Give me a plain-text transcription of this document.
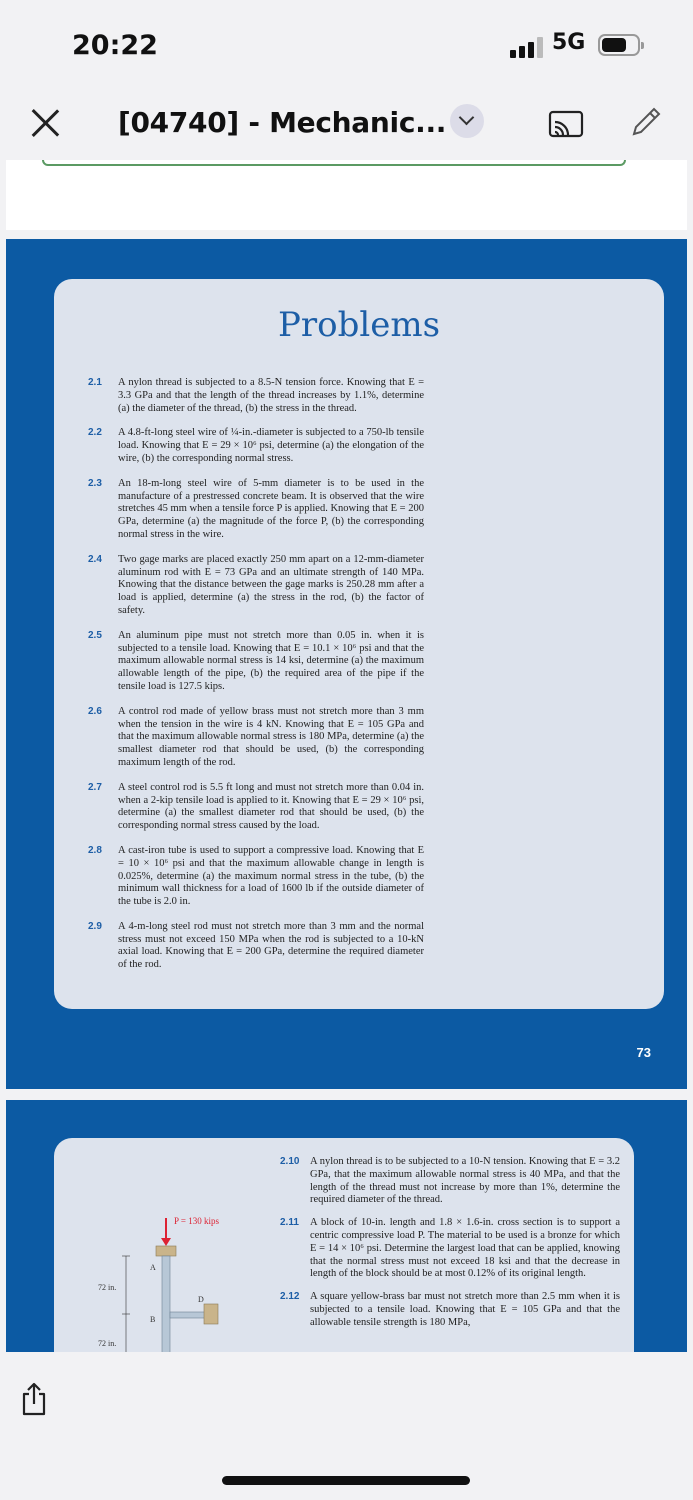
20:22	5G
[04740] - Mechanic...
Problems
2.1 A nylon thread is subjected to a 8.5-N tension force. Knowing that E = 3.3 GPa and that the length of the thread increases by 1.1%, determine (a) the diameter of the thread, (b) the stress in the thread.
2.2 A 4.8-ft-long steel wire of ¼-in.-diameter is subjected to a 750-lb tensile load. Knowing that E = 29 × 10⁶ psi, determine (a) the elongation of the wire, (b) the corresponding normal stress.
2.3 An 18-m-long steel wire of 5-mm diameter is to be used in the manufacture of a prestressed concrete beam. It is observed that the wire stretches 45 mm when a tensile force P is applied. Knowing that E = 200 GPa, determine (a) the magnitude of the force P, (b) the corresponding normal stress in the wire.
2.4 Two gage marks are placed exactly 250 mm apart on a 12-mm-diameter aluminum rod with E = 73 GPa and an ultimate strength of 140 MPa. Knowing that the distance between the gage marks is 250.28 mm after a load is applied, determine (a) the stress in the rod, (b) the factor of safety.
2.5 An aluminum pipe must not stretch more than 0.05 in. when it is subjected to a tensile load. Knowing that E = 10.1 × 10⁶ psi and that the maximum allowable normal stress is 14 ksi, determine (a) the maximum allowable length of the pipe, (b) the required area of the pipe if the tensile load is 127.5 kips.
2.6 A control rod made of yellow brass must not stretch more than 3 mm when the tension in the wire is 4 kN. Knowing that E = 105 GPa and that the maximum allowable normal stress is 180 MPa, determine (a) the smallest diameter rod that should be used, (b) the corresponding maximum length of the rod.
2.7 A steel control rod is 5.5 ft long and must not stretch more than 0.04 in. when a 2-kip tensile load is applied to it. Knowing that E = 29 × 10⁶ psi, determine (a) the smallest diameter rod that should be used, (b) the corresponding normal stress caused by the load.
2.8 A cast-iron tube is used to support a compressive load. Knowing that E = 10 × 10⁶ psi and that the maximum allowable change in length is 0.025%, determine (a) the maximum normal stress in the tube, (b) the minimum wall thickness for a load of 1600 lb if the outside diameter of the tube is 2.0 in.
2.9 A 4-m-long steel rod must not stretch more than 3 mm and the normal stress must not exceed 150 MPa when the rod is subjected to a 10-kN axial load. Knowing that E = 200 GPa, determine the required diameter of the rod.
73
P = 130 kips
A
B
D
72 in.
72 in.
2.10 A nylon thread is to be subjected to a 10-N tension. Knowing that E = 3.2 GPa, that the maximum allowable normal stress is 40 MPa, and that the length of the thread must not increase by more than 1%, determine the required diameter of the thread.
2.11 A block of 10-in. length and 1.8 × 1.6-in. cross section is to support a centric compressive load P. The material to be used is a bronze for which E = 14 × 10⁶ psi. Determine the largest load that can be applied, knowing that the normal stress must not exceed 18 ksi and that the decrease in length of the block should be at most 0.12% of its original length.
2.12 A square yellow-brass bar must not stretch more than 2.5 mm when it is subjected to a tensile load. Knowing that E = 105 GPa and that the allowable tensile strength is 180 MPa,
